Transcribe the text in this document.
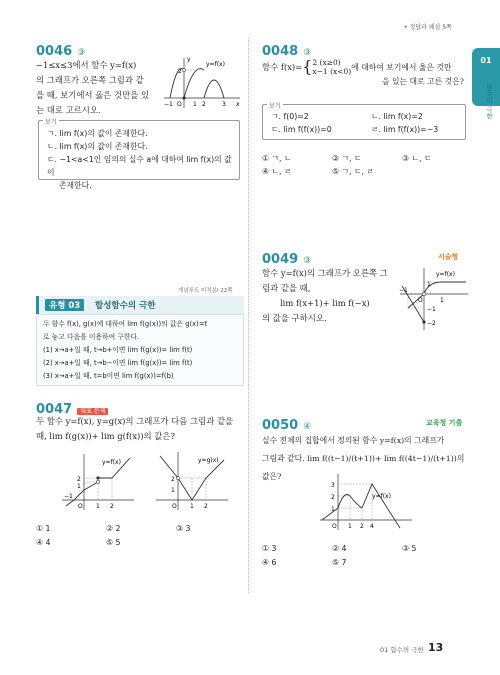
• 정답과 해설 5쪽
01
함수의 극한
0046 ③
−1≤x≤3에서 함수 y=f(x)
의 그래프가 오른쪽 그림과 같
을 때, 보기에서 옳은 것만을 있
는 대로 고르시오.
y=f(x)
2
−1 O 1 2	3 x
y
보기
ㄱ. lim f(x)의 값이 존재한다.
ㄴ. lim f(x)의 값이 존재한다.
ㄷ. −1<a<1인 임의의 실수 a에 대하여 lim f(x)의 값이
존재한다.
0048 ③
함수 f(x)= { 2 (x≥0)
x−1 (x<0) 에 대하여 보기에서 옳은 것만
을 있는 대로 고른 것은?
보기
ㄱ. f(0)=2
ㄷ. lim f(f(x))=0
ㄴ. lim f(x)=2
ㄹ. lim f(f(x))=−3
① ㄱ, ㄴ	② ㄱ, ㄷ	③ ㄴ, ㄷ
④ ㄴ, ㄹ	⑤ ㄱ, ㄷ, ㄹ
개념루트 미적분Ⅰ 22쪽
유형 03	합성함수의 극한
두 함수 f(x), g(x)에 대하여 lim f(g(x))의 값은 g(x)=t
로 놓고 다음을 이용하여 구한다.
(1) x→a+일 때, t→b+이면 lim f(g(x))= lim f(t)
(2) x→a+일 때, t→b−이면 lim f(g(x))= lim f(t)
(3) x→a+일 때, t=b이면 lim f(g(x))=f(b)
0047 대표 문제
두 함수 y=f(x), y=g(x)의 그래프가 다음 그림과 같을
때, lim f(g(x))+ lim g(f(x))의 값은?
y=f(x)
2
1
−1
O 1 2
y=g(x)
2
1
O 1 2
① 1	② 2	③ 3
④ 4	⑤ 5
0049 ③	서술형
함수 y=f(x)의 그래프가 오른쪽 그
림과 같을 때,
lim f(x+1)+ lim f(−x)
의 값을 구하시오.
y=f(x)
1
−1
−2
−1
O	1
0050 ④	교육청 기출
실수 전체의 집합에서 정의된 함수 y=f(x)의 그래프가
그림과 같다. lim f((t−1)/(t+1))+ lim f((4t−1)/(t+1))의 값은?
y=f(x)
3
2
1
O 1 2 4
① 3	② 4	③ 5
④ 6	⑤ 7
01 함수의 극한 13
